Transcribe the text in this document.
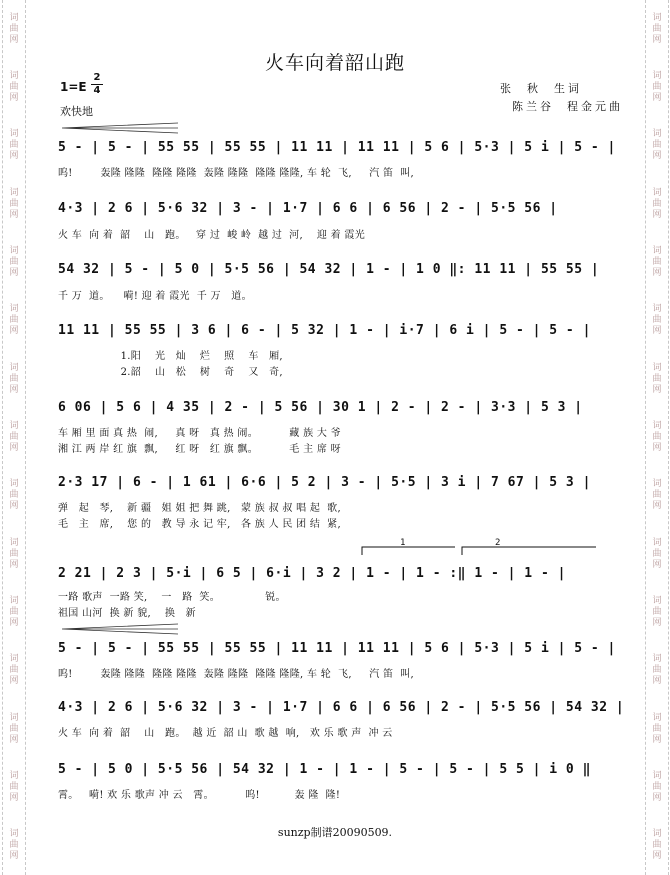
词曲网
词曲网
词曲网
词曲网
词曲网
词曲网
词曲网
词曲网
词曲网
词曲网
词曲网
词曲网
词曲网
词曲网
词曲网
词曲网
词曲网
词曲网
词曲网
词曲网
词曲网
词曲网
词曲网
词曲网
词曲网
词曲网
词曲网
词曲网
词曲网
词曲网
火车向着韶山跑
1=E
2
4	张  秋  生词
陈兰谷  程金元曲
欢快地
5 - | 5 - | 55 55 | 55 55 | 11 11 | 11 11 | 5 6 | 5·3 | 5 i | 5 - |
呜!        轰隆 隆隆  隆隆 隆隆  轰隆 隆隆  隆隆 隆隆, 车 轮  飞,     汽 笛  叫,
4·3 | 2 6 | 5·6 32 | 3 - | 1·7 | 6 6 | 6 56 | 2 - | 5·5 56 |
火 车  向 着  韶    山   跑。   穿 过  峻 岭  越 过  河,    迎 着 霞光
54 32 | 5 - | 5 0 | 5·5 56 | 54 32 | 1 - | 1 0 ‖: 11 11 | 55 55 |
千 万  道。    嗬! 迎 着 霞光  千 万   道。
11 11 | 55 55 | 3 6 | 6 - | 5 32 | 1 - | i·7 | 6 i | 5 - | 5 - |
1.阳    光   灿    烂    照    车   厢,
2.韶    山   松    树    奇    又   奇,
6 06 | 5 6 | 4 35 | 2 - | 5 56 | 30 1 | 2 - | 2 - | 3·3 | 5 3 |
车 厢 里 面 真 热  闹,     真 呀   真 热 闹。         藏 族 大 爷
湘 江 两 岸 红 旗  飘,     红 呀   红 旗 飘。         毛 主 席 呀
2·3 17 | 6 - | 1 61 | 6·6 | 5 2 | 3 - | 5·5 | 3 i | 7 67 | 5 3 |
弹   起   琴,    新 疆   姐 姐 把 舞 跳,   蒙 族 叔 叔 唱 起  歌,
毛   主   席,    您 的   教 导 永 记 牢,   各 族 人 民 团 结  紧,
1	2
2 21 | 2 3 | 5·i | 6 5 | 6·i | 3 2 | 1 - | 1 - :‖ 1 - | 1 - |
一路 歌声  一路 笑,    一   路  笑。             锐。
祖国 山河  换 新 貌,    换   新
5 - | 5 - | 55 55 | 55 55 | 11 11 | 11 11 | 5 6 | 5·3 | 5 i | 5 - |
呜!        轰隆 隆隆  隆隆 隆隆  轰隆 隆隆  隆隆 隆隆, 车 轮  飞,     汽 笛  叫,
4·3 | 2 6 | 5·6 32 | 3 - | 1·7 | 6 6 | 6 56 | 2 - | 5·5 56 | 54 32 |
火 车  向 着  韶    山   跑。  越 近  韶 山  歌 越  响,   欢 乐 歌 声  冲 云
5 - | 5 0 | 5·5 56 | 54 32 | 1 - | 1 - | 5 - | 5 - | 5 5 | i 0 ‖
霄。   嗬! 欢 乐 歌声 冲 云   霄。         呜!          轰 隆  隆!
sunzp制谱20090509.
